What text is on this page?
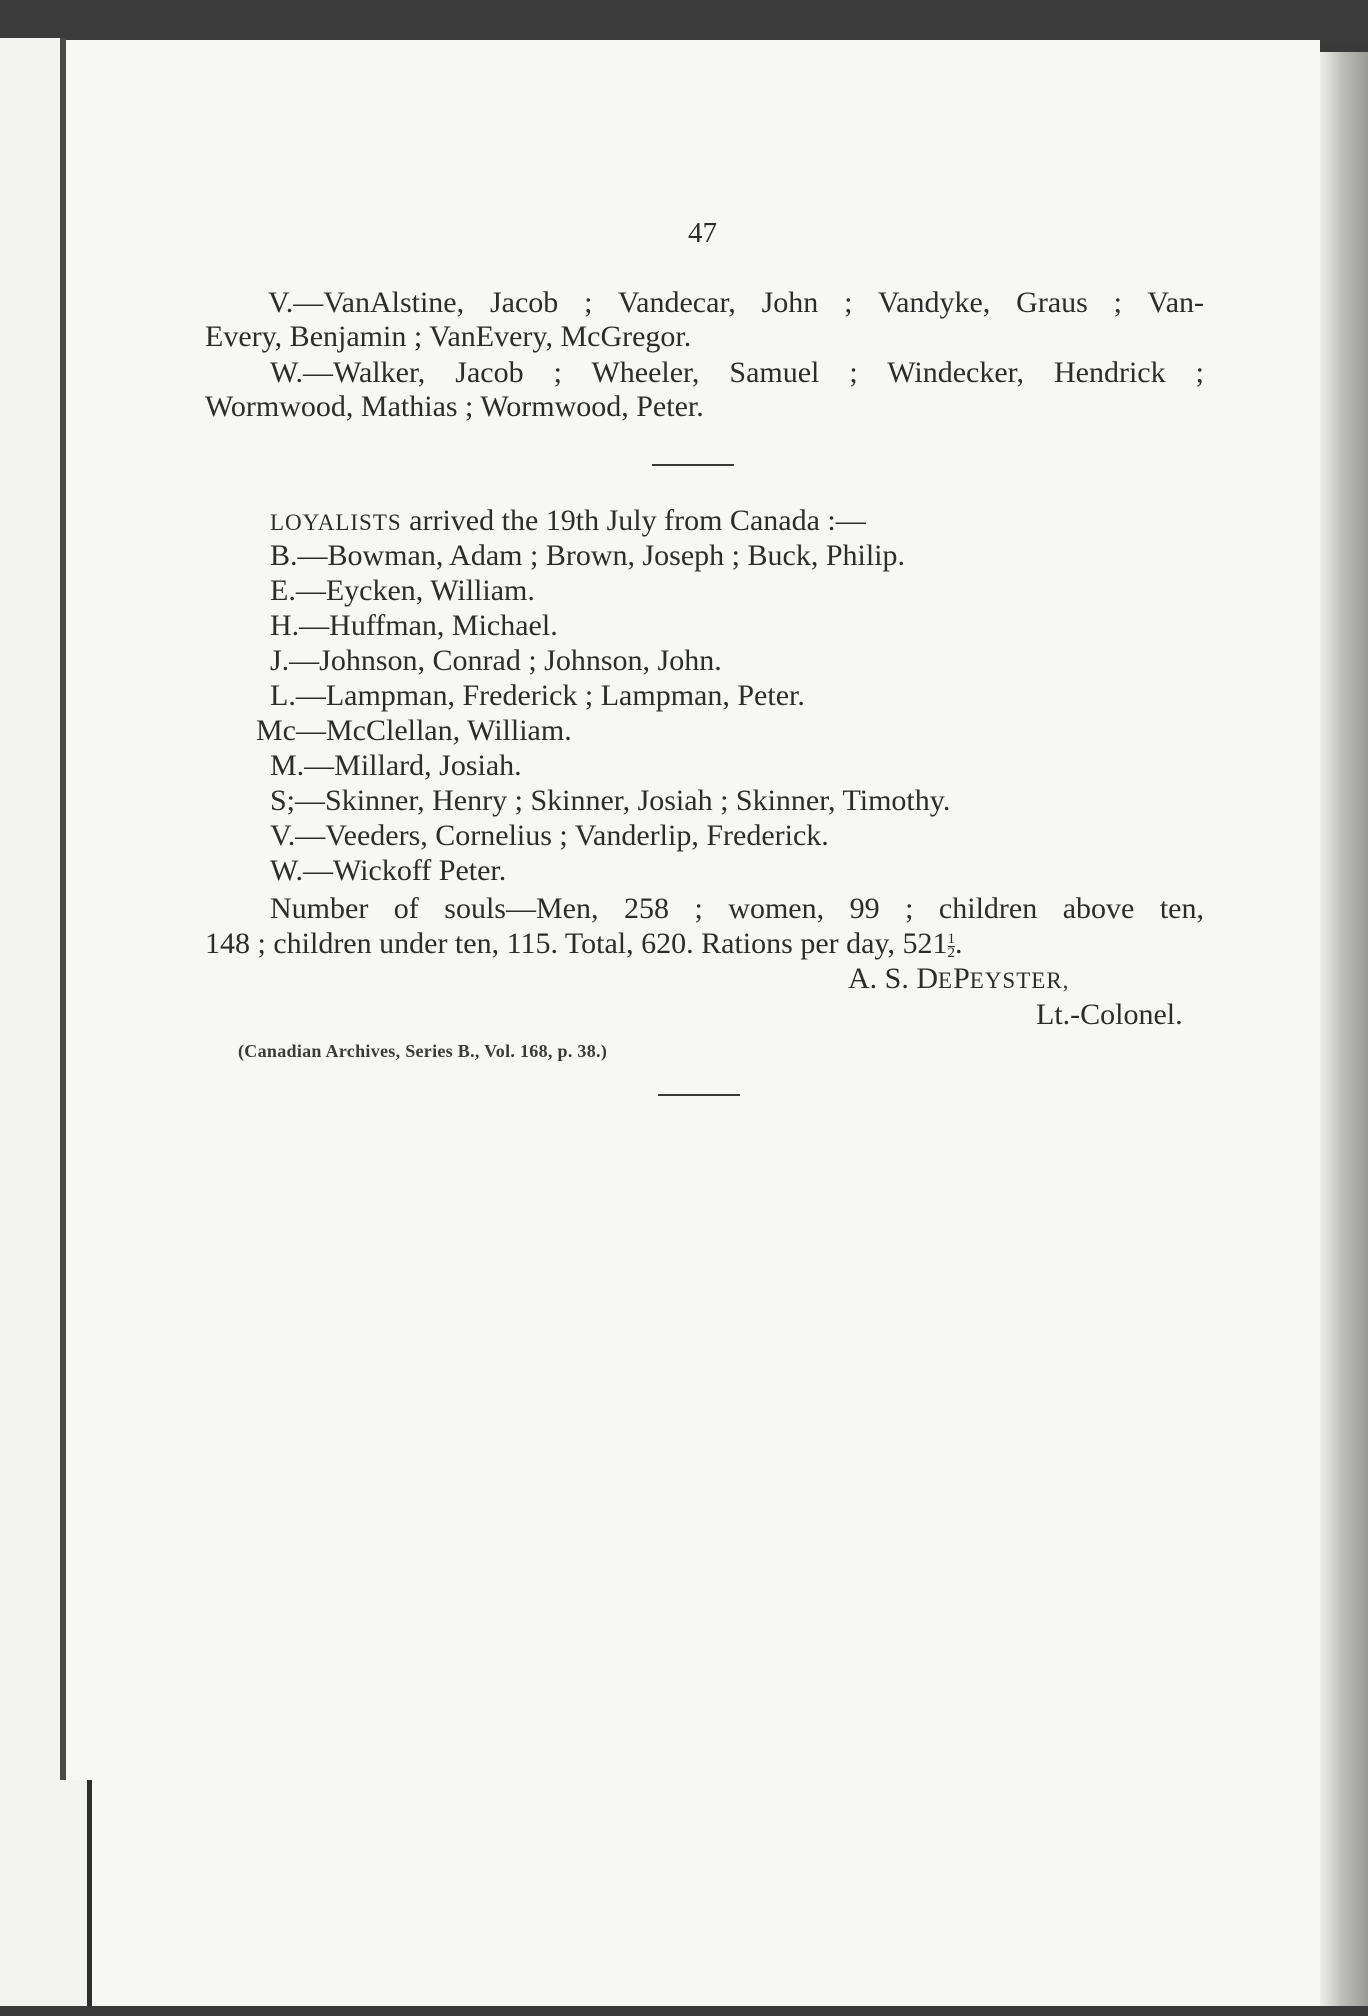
47
V.—VanAlstine, Jacob ; Vandecar, John ; Vandyke, Graus ; Van-
Every, Benjamin ; VanEvery, McGregor.
W.—Walker, Jacob ; Wheeler, Samuel ; Windecker, Hendrick ;
Wormwood, Mathias ; Wormwood, Peter.
LOYALISTS arrived the 19th July from Canada :—
B.—Bowman, Adam ; Brown, Joseph ; Buck, Philip.
E.—Eycken, William.
H.—Huffman, Michael.
J.—Johnson, Conrad ; Johnson, John.
L.—Lampman, Frederick ; Lampman, Peter.
Mc—McClellan, William.
M.—Millard, Josiah.
S;—Skinner, Henry ; Skinner, Josiah ; Skinner, Timothy.
V.—Veeders, Cornelius ; Vanderlip, Frederick.
W.—Wickoff Peter.
Number of souls—Men, 258 ; women, 99 ; children above ten,
148 ; children under ten, 115. Total, 620. Rations per day, $521 \frac{1}{2}$ .
A. S. DEPEYSTER,
Lt.-Colonel.
(Canadian Archives, Series B., Vol. 168, p. 38.)
